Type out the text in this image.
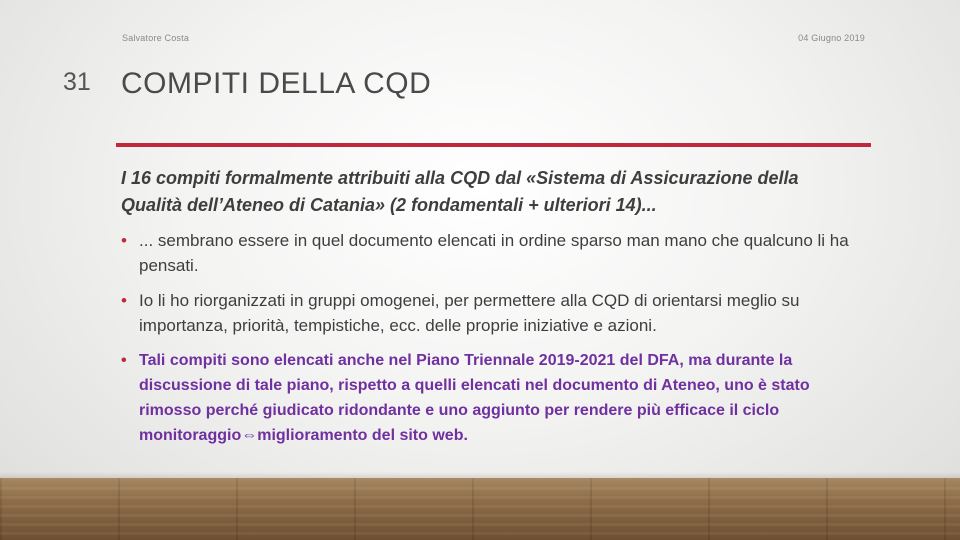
Salvatore Costa	04 Giugno 2019
31 COMPITI DELLA CQD

I 16 compiti formalmente attribuiti alla CQD dal «Sistema di Assicurazione della Qualità dell’Ateneo di Catania» (2 fondamentali + ulteriori 14)...

• ... sembrano essere in quel documento elencati in ordine sparso man mano che qualcuno li ha pensati.
• Io li ho riorganizzati in gruppi omogenei, per permettere alla CQD di orientarsi meglio su importanza, priorità, tempistiche, ecc. delle proprie iniziative e azioni.
• Tali compiti sono elencati anche nel Piano Triennale 2019-2021 del DFA, ma durante la discussione di tale piano, rispetto a quelli elencati nel documento di Ateneo, uno è stato rimosso perché giudicato ridondante e uno aggiunto per rendere più efficace il ciclo monitoraggio⇔miglioramento del sito web.
